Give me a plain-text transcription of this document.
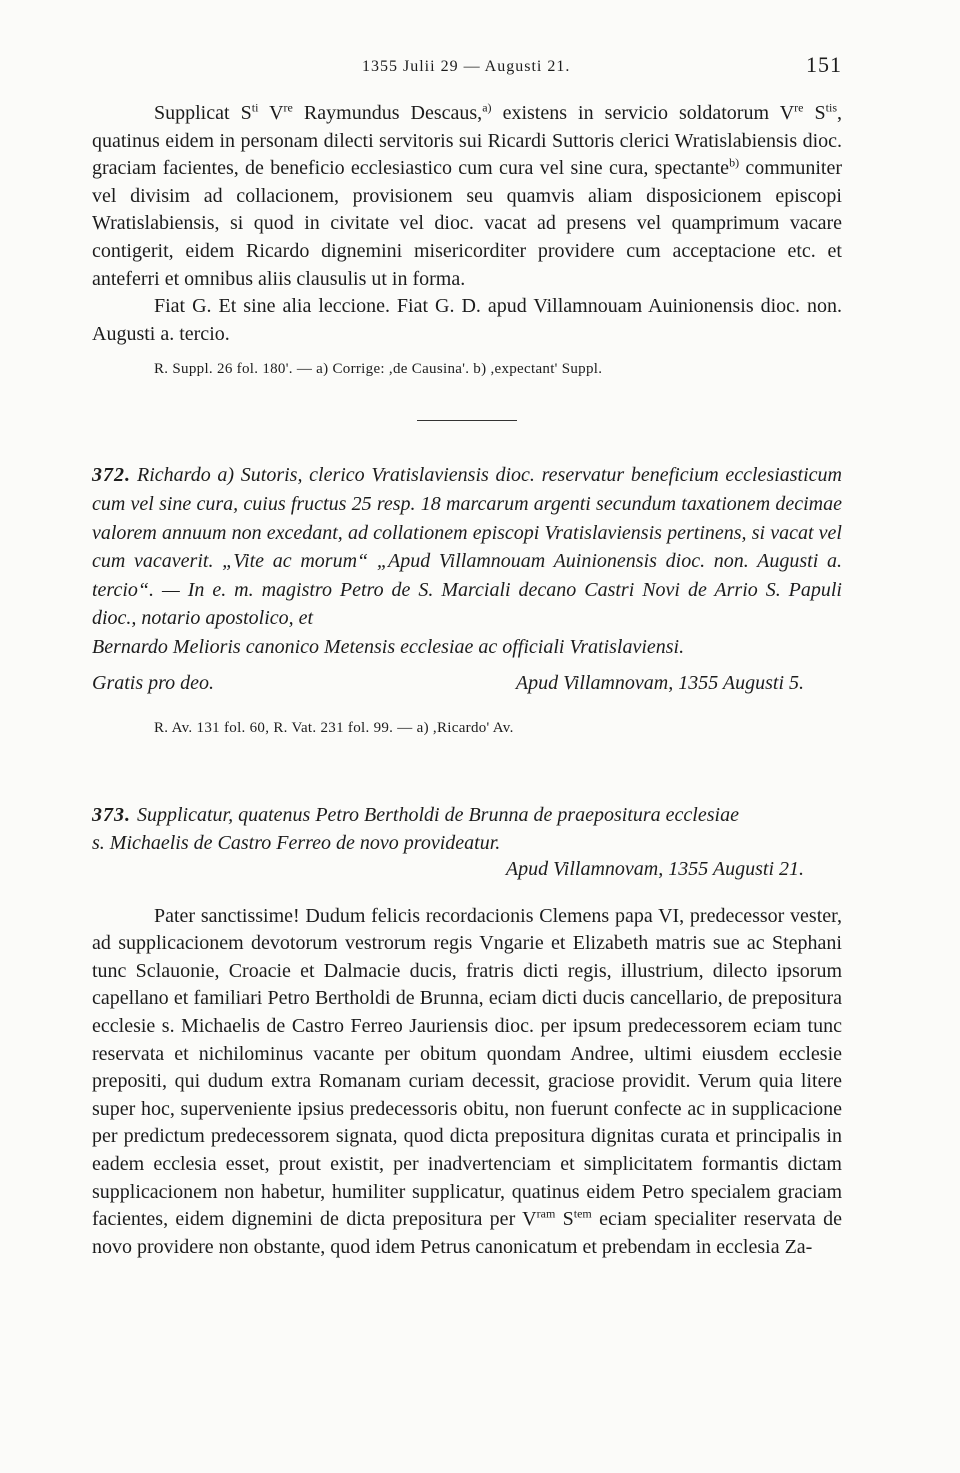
1355 Julii 29 — Augusti 21.	151

Supplicat $S^{ti}$ Vre Raymundus Descaus,$^{a)}$ existens in servicio soldatorum Vre $S^{tis}$, quatinus eidem in personam dilecti servitoris sui Ricardi Suttoris clerici Wratislabiensis dioc. graciam facientes, de beneficio ecclesiastico cum cura vel sine cura, spectante$^{b)}$ communiter vel divisim ad collacionem, provisionem seu quamvis aliam disposicionem episcopi Wratislabiensis, si quod in civitate vel dioc. vacat ad presens vel quamprimum vacare contigerit, eidem Ricardo dignemini misericorditer providere cum acceptacione etc. et anteferri et omnibus aliis clausulis ut in forma.

Fiat G. Et sine alia leccione. Fiat G. D. apud Villamnouam Auinionensis dioc. non. Augusti a. tercio.

R. Suppl. 26 fol. 180'. — a) Corrige: ,de Causina'. b) ,expectant' Suppl.

372. Richardo a) Sutoris, clerico Vratislaviensis dioc. reservatur beneficium ecclesiasticum cum vel sine cura, cuius fructus 25 resp. 18 marcarum argenti secundum taxationem decimae valorem annuum non excedant, ad collationem episcopi Vratislaviensis pertinens, si vacat vel cum vacaverit. „Vite ac morum“ „Apud Villamnouam Auinionensis dioc. non. Augusti a. tercio“. — In e. m. magistro Petro de S. Marciali decano Castri Novi de Arrio S. Papuli dioc., notario apostolico, et

Bernardo Melioris canonico Metensis ecclesiae ac officiali Vratislaviensi.

Gratis pro deo.	Apud Villamnovam, 1355 Augusti 5.

R. Av. 131 fol. 60, R. Vat. 231 fol. 99. — a) ,Ricardo' Av.

373. Supplicatur, quatenus Petro Bertholdi de Brunna de praepositura ecclesiae

s. Michaelis de Castro Ferreo de novo provideatur.

Apud Villamnovam, 1355 Augusti 21.

Pater sanctissime! Dudum felicis recordacionis Clemens papa VI, predecessor vester, ad supplicacionem devotorum vestrorum regis Vngarie et Elizabeth matris sue ac Stephani tunc Sclauonie, Croacie et Dalmacie ducis, fratris dicti regis, illustrium, dilecto ipsorum capellano et familiari Petro Bertholdi de Brunna, eciam dicti ducis cancellario, de prepositura ecclesie s. Michaelis de Castro Ferreo Jauriensis dioc. per ipsum predecessorem eciam tunc reservata et nichilominus vacante per obitum quondam Andree, ultimi eiusdem ecclesie prepositi, qui dudum extra Romanam curiam decessit, graciose providit. Verum quia litere super hoc, superveniente ipsius predecessoris obitu, non fuerunt confecte ac in supplicacione per predictum predecessorem signata, quod dicta prepositura dignitas curata et principalis in eadem ecclesia esset, prout existit, per inadvertenciam et simplicitatem formantis dictam supplicacionem non habetur, humiliter supplicatur, quatinus eidem Petro specialem graciam facientes, eidem dignemini de dicta prepositura per $V^{ram}$ $S^{tem}$ eciam specialiter reservata de novo providere non obstante, quod idem Petrus canonicatum et prebendam in ecclesia Za-
